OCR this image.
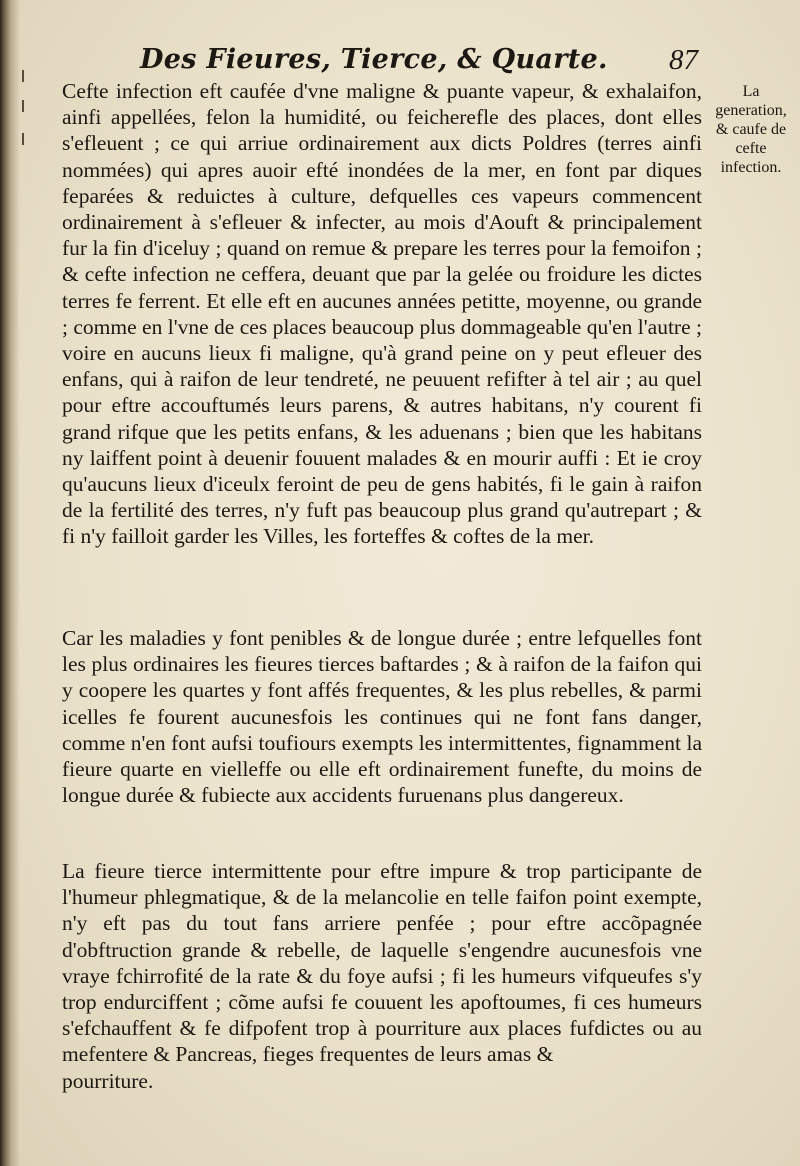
Des Fieures, Tierce, & Quarte. 87

La generation, & caufe de cefte infection.

Cefte infection eft caufée d'vne maligne & puante vapeur, & exhalaifon, ainfi appellées, felon la humidité, ou feicherefle des places, dont elles s'efleuent ; ce qui arriue ordinairement aux dicts Poldres (terres ainfi nommées) qui apres auoir efté inondées de la mer, en font par diques feparées & reduictes à culture, defquelles ces vapeurs commencent ordinairement à s'efleuer & infecter, au mois d'Aouft & principalement fur la fin d'iceluy ; quand on remue & prepare les terres pour la femoifon ; & cefte infection ne ceffera, deuant que par la gelée ou froidure les dictes terres fe ferrent. Et elle eft en aucunes années petitte, moyenne, ou grande ; comme en l'vne de ces places beaucoup plus dommageable qu'en l'autre ; voire en aucuns lieux fi maligne, qu'à grand peine on y peut efleuer des enfans, qui à raifon de leur tendreté, ne peuuent refifter à tel air ; au quel pour eftre accouftumés leurs parens, & autres habitans, n'y courent fi grand rifque que les petits enfans, & les aduenans ; bien que les habitans ny laiffent point à deuenir fouuent malades & en mourir auffi : Et ie croy qu'aucuns lieux d'iceulx feroint de peu de gens habités, fi le gain à raifon de la fertilité des terres, n'y fuft pas beaucoup plus grand qu'autrepart ; & fi n'y failloit garder les Villes, les forteffes & coftes de la mer.

Car les maladies y font penibles & de longue durée ; entre lefquelles font les plus ordinaires les fieures tierces baftardes ; & à raifon de la faifon qui y coopere les quartes y font affés frequentes, & les plus rebelles, & parmi icelles fe fourent aucunesfois les continues qui ne font fans danger, comme n'en font aufsi toufiours exempts les intermittentes, fignamment la fieure quarte en vielleffe ou elle eft ordinairement funefte, du moins de longue durée & fubiecte aux accidents furuenans plus dangereux.

La fieure tierce intermittente pour eftre impure & trop participante de l'humeur phlegmatique, & de la melancolie en telle faifon point exempte, n'y eft pas du tout fans arriere penfée ; pour eftre accõpagnée d'obftruction grande & rebelle, de laquelle s'engendre aucunesfois vne vraye fchirrofité de la rate & du foye aufsi ; fi les humeurs vifqueufes s'y trop endurciffent ; cõme aufsi fe couuent les apoftoumes, fi ces humeurs s'efchauffent & fe difpofent trop à pourriture aux places fufdictes ou au mefentere & Pancreas, fieges frequentes de leurs amas &
pourriture.
